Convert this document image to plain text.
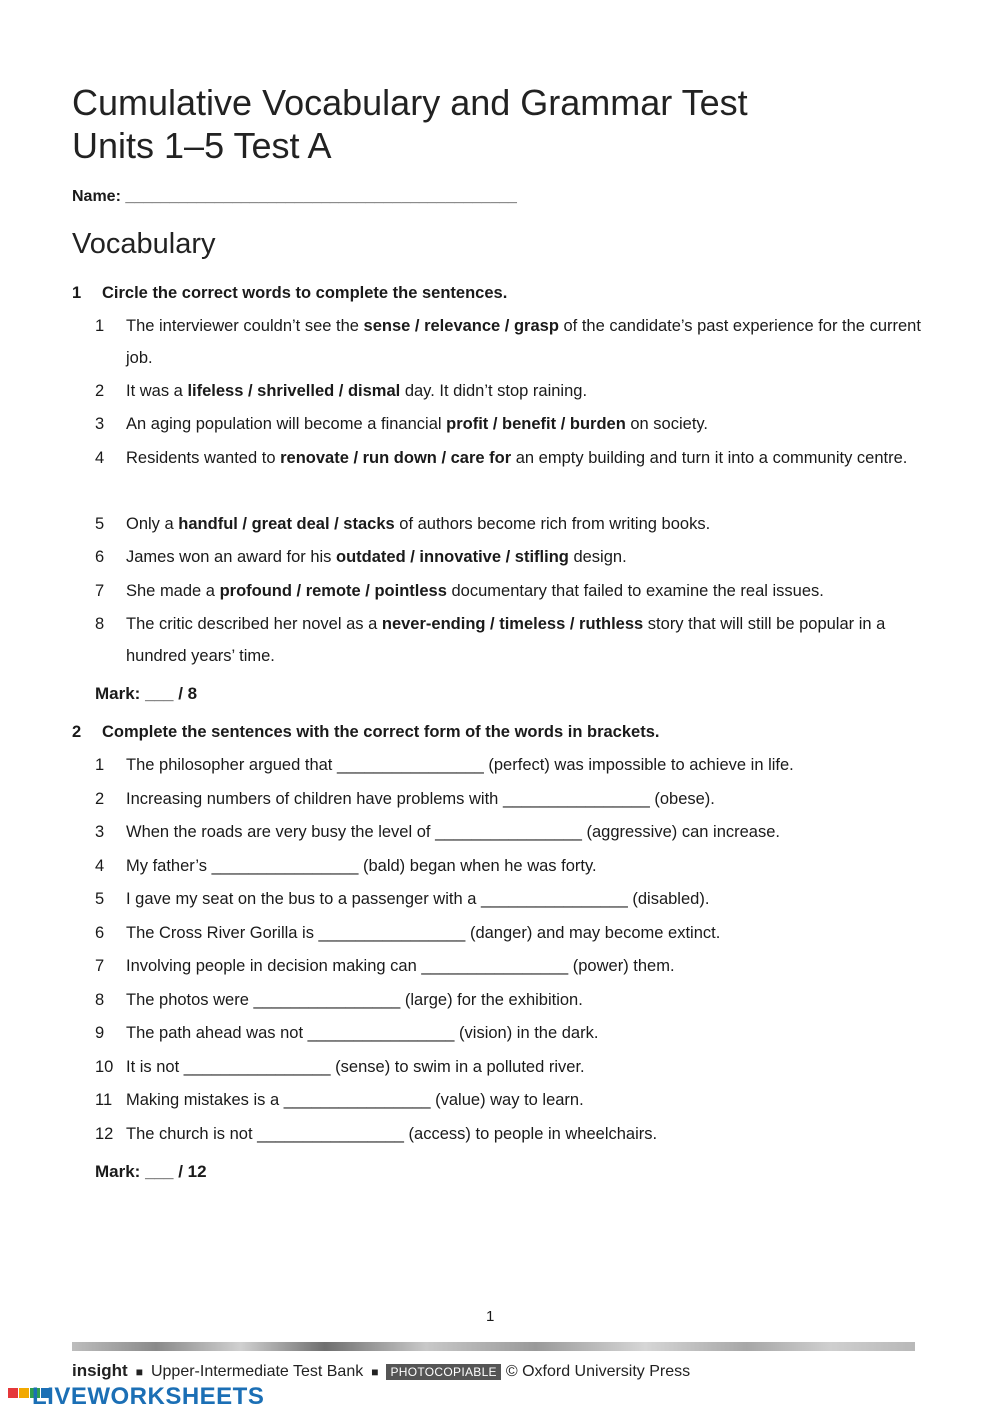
Cumulative Vocabulary and Grammar Test
Units 1–5 Test A
Name: ____________________________________________
Vocabulary
1 Circle the correct words to complete the sentences.
1	The interviewer couldn’t see the sense / relevance / grasp of the candidate’s past experience for the current job.
2	It was a lifeless / shrivelled / dismal day. It didn’t stop raining.
3	An aging population will become a financial profit / benefit / burden on society.
4	Residents wanted to renovate / run down / care for an empty building and turn it into a community centre.
5	Only a handful / great deal / stacks of authors become rich from writing books.
6	James won an award for his outdated / innovative / stifling design.
7	She made a profound / remote / pointless documentary that failed to examine the real issues.
8	The critic described her novel as a never-ending / timeless / ruthless story that will still be popular in a hundred years’ time.
Mark: ___ / 8
2 Complete the sentences with the correct form of the words in brackets.
1	The philosopher argued that ________________ (perfect) was impossible to achieve in life.
2	Increasing numbers of children have problems with ________________ (obese).
3	When the roads are very busy the level of ________________ (aggressive) can increase.
4	My father’s ________________ (bald) began when he was forty.
5	I gave my seat on the bus to a passenger with a ________________ (disabled).
6	The Cross River Gorilla is ________________ (danger) and may become extinct.
7	Involving people in decision making can ________________ (power) them.
8	The photos were ________________ (large) for the exhibition.
9	The path ahead was not ________________ (vision) in the dark.
10 It is not ________________ (sense) to swim in a polluted river.
11 Making mistakes is a ________________ (value) way to learn.
12 The church is not ________________ (access) to people in wheelchairs.
Mark: ___ / 12
1
insight ■ Upper-Intermediate Test Bank ■ PHOTOCOPIABLE © Oxford University Press
LIVEWORKSHEETS
